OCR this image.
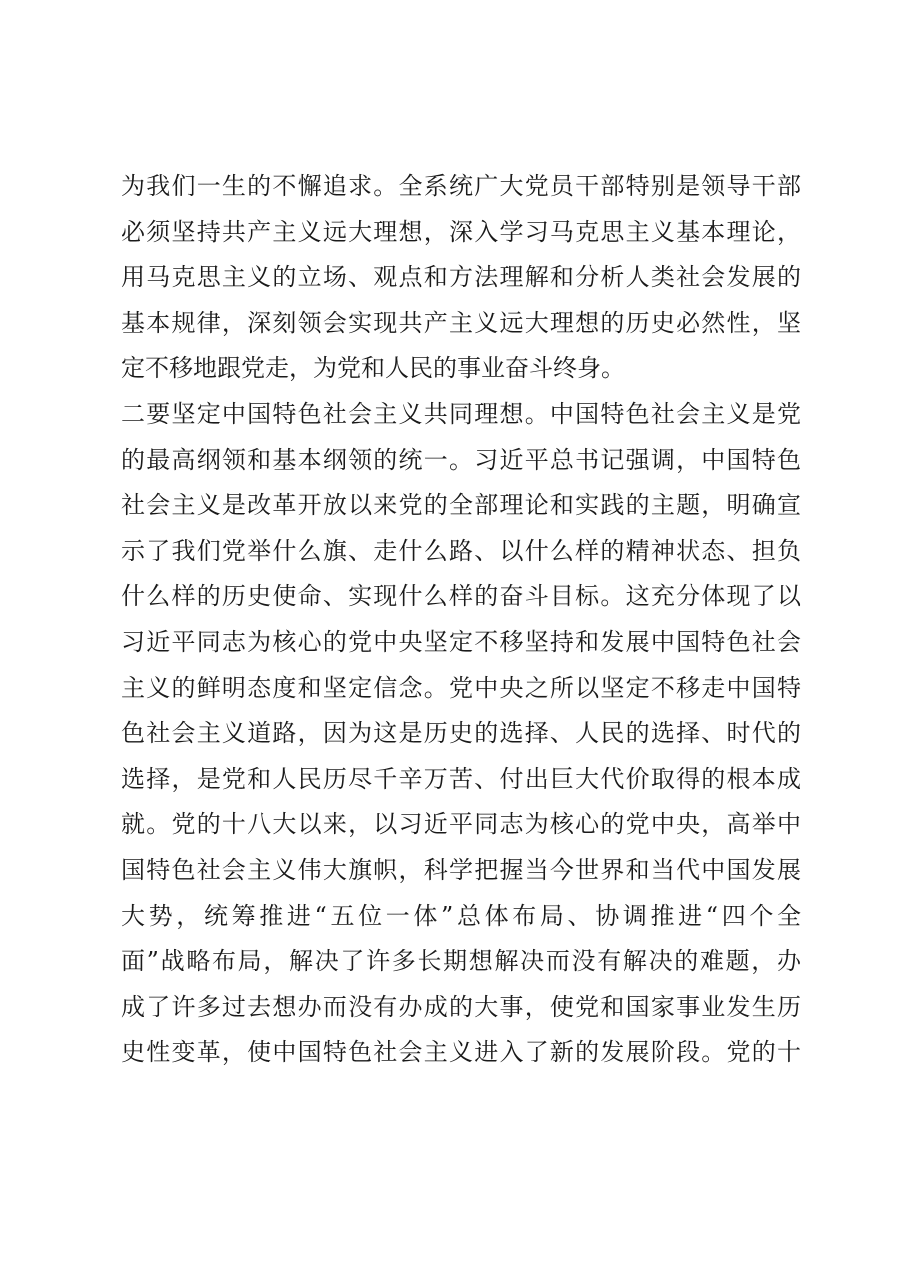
为我们一生的不懈追求。全系统广大党员干部特别是领导干部
必须坚持共产主义远大理想，深入学习马克思主义基本理论，
用马克思主义的立场、观点和方法理解和分析人类社会发展的
基本规律，深刻领会实现共产主义远大理想的历史必然性，坚
定不移地跟党走，为党和人民的事业奋斗终身。
二要坚定中国特色社会主义共同理想。中国特色社会主义是党
的最高纲领和基本纲领的统一。习近平总书记强调，中国特色
社会主义是改革开放以来党的全部理论和实践的主题，明确宣
示了我们党举什么旗、走什么路、以什么样的精神状态、担负
什么样的历史使命、实现什么样的奋斗目标。这充分体现了以
习近平同志为核心的党中央坚定不移坚持和发展中国特色社会
主义的鲜明态度和坚定信念。党中央之所以坚定不移走中国特
色社会主义道路，因为这是历史的选择、人民的选择、时代的
选择，是党和人民历尽千辛万苦、付出巨大代价取得的根本成
就。党的十八大以来，以习近平同志为核心的党中央，高举中
国特色社会主义伟大旗帜，科学把握当今世界和当代中国发展
大势，统筹推进“五位一体”总体布局、协调推进“四个全
面”战略布局，解决了许多长期想解决而没有解决的难题，办
成了许多过去想办而没有办成的大事，使党和国家事业发生历
史性变革，使中国特色社会主义进入了新的发展阶段。党的十
